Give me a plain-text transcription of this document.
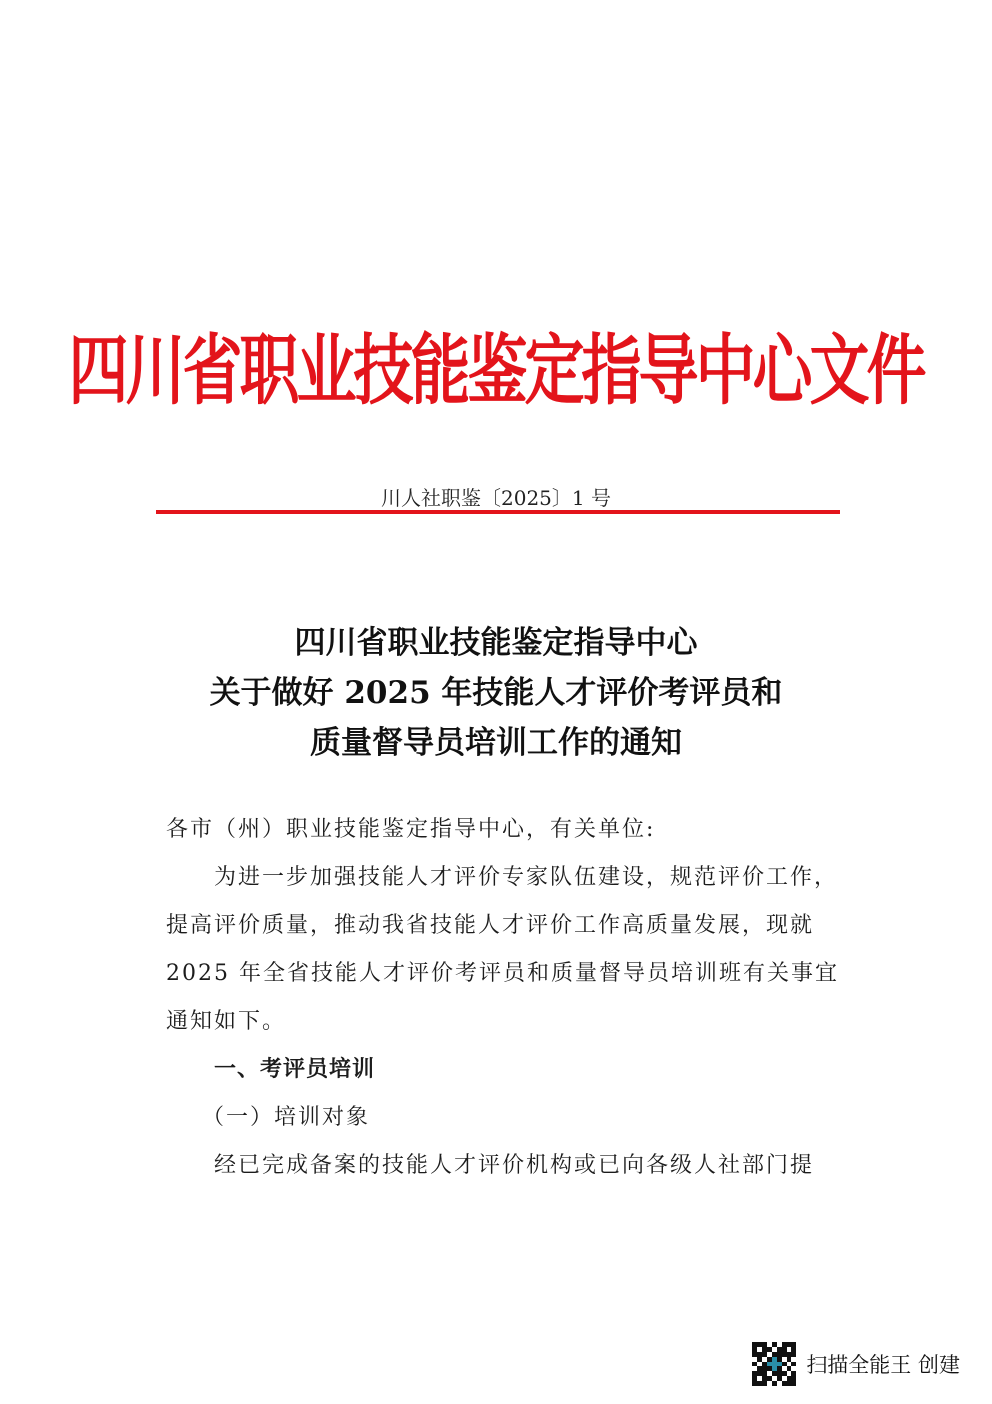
四川省职业技能鉴定指导中心文件
川人社职鉴〔2025〕1 号
四川省职业技能鉴定指导中心
关于做好 2025 年技能人才评价考评员和
质量督导员培训工作的通知

各市（州）职业技能鉴定指导中心，有关单位:

为进一步加强技能人才评价专家队伍建设，规范评价工作，提高评价质量，推动我省技能人才评价工作高质量发展，现就 2025 年全省技能人才评价考评员和质量督导员培训班有关事宜通知如下。

一、考评员培训

（一）培训对象

经已完成备案的技能人才评价机构或已向各级人社部门提

扫描全能王 创建
